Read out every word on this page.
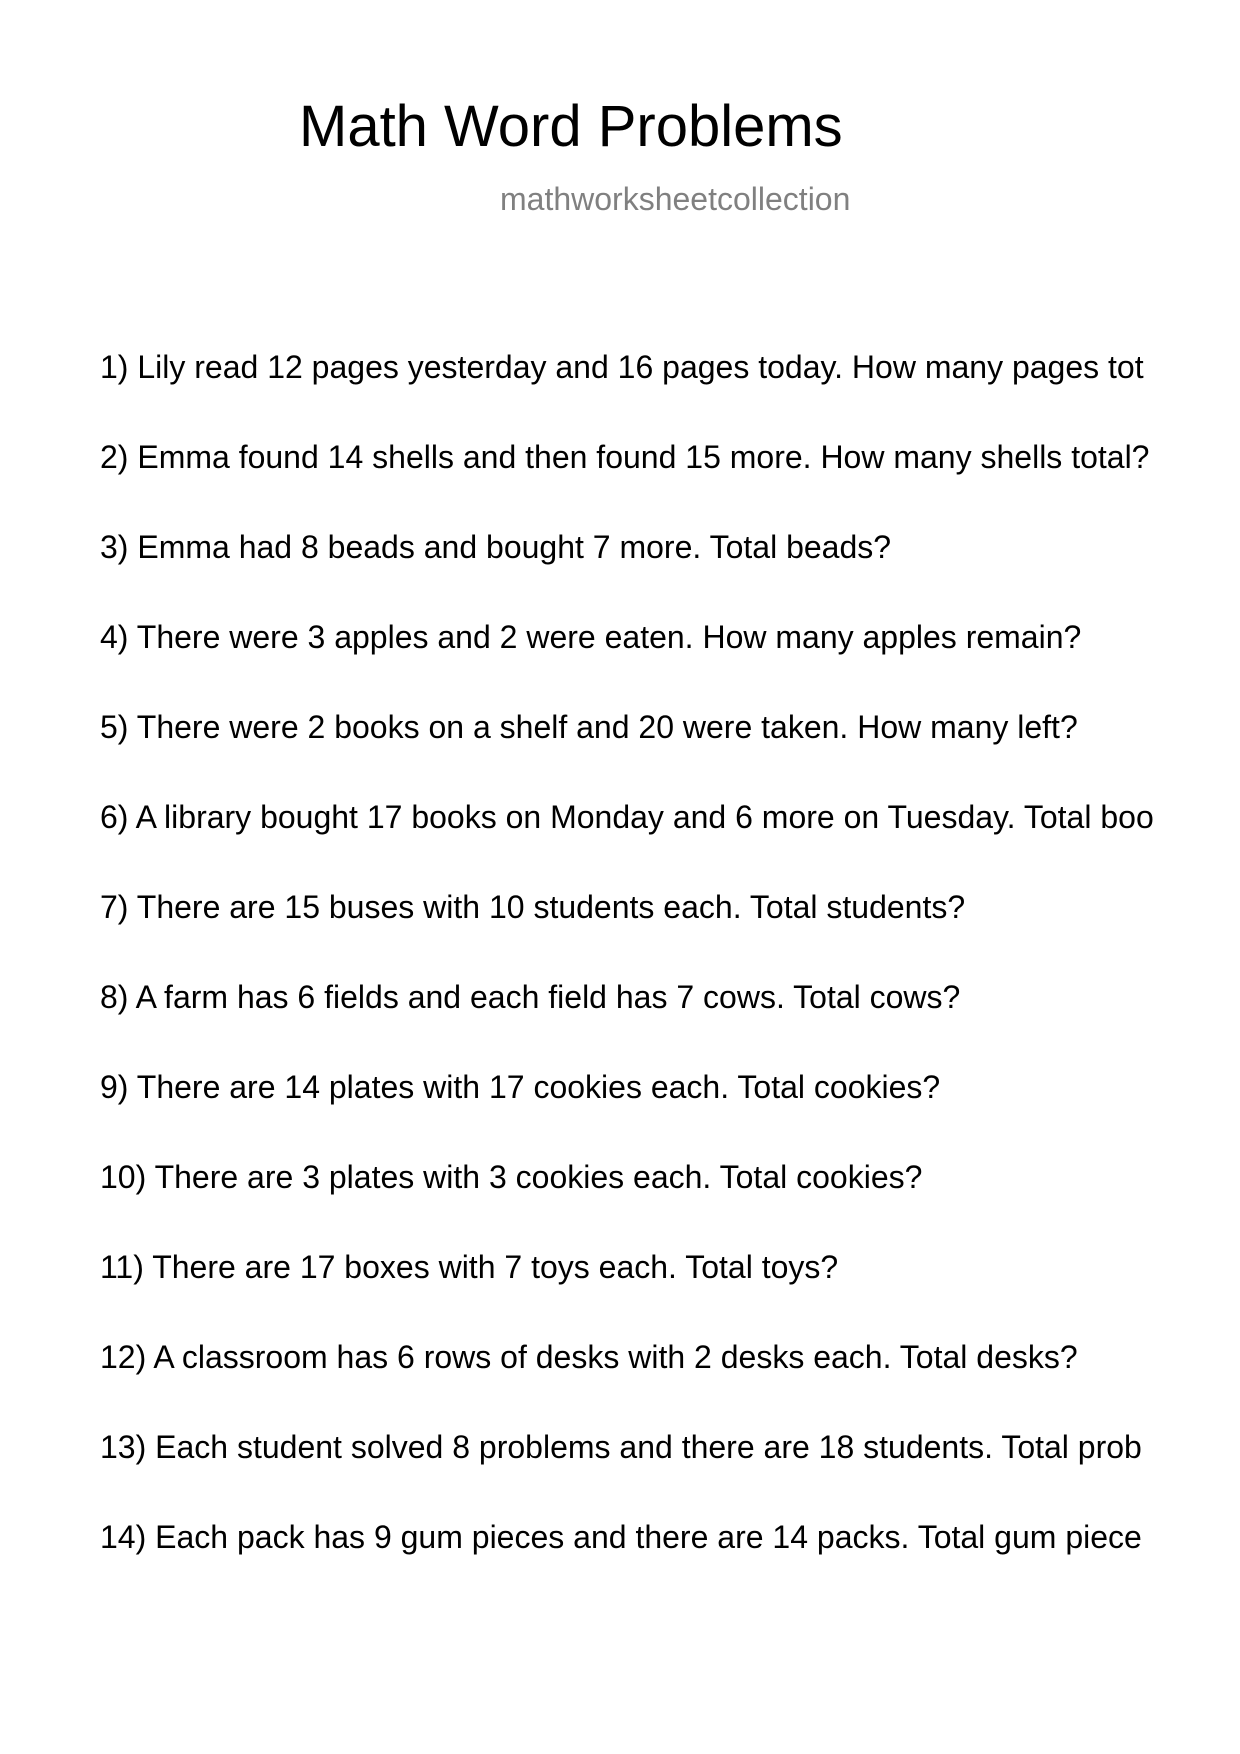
Math Word Problems
mathworksheetcollection
1) Lily read 12 pages yesterday and 16 pages today. How many pages tot
2) Emma found 14 shells and then found 15 more. How many shells total?
3) Emma had 8 beads and bought 7 more. Total beads?
4) There were 3 apples and 2 were eaten. How many apples remain?
5) There were 2 books on a shelf and 20 were taken. How many left?
6) A library bought 17 books on Monday and 6 more on Tuesday. Total boo
7) There are 15 buses with 10 students each. Total students?
8) A farm has 6 fields and each field has 7 cows. Total cows?
9) There are 14 plates with 17 cookies each. Total cookies?
10) There are 3 plates with 3 cookies each. Total cookies?
11) There are 17 boxes with 7 toys each. Total toys?
12) A classroom has 6 rows of desks with 2 desks each. Total desks?
13) Each student solved 8 problems and there are 18 students. Total prob
14) Each pack has 9 gum pieces and there are 14 packs. Total gum piece
